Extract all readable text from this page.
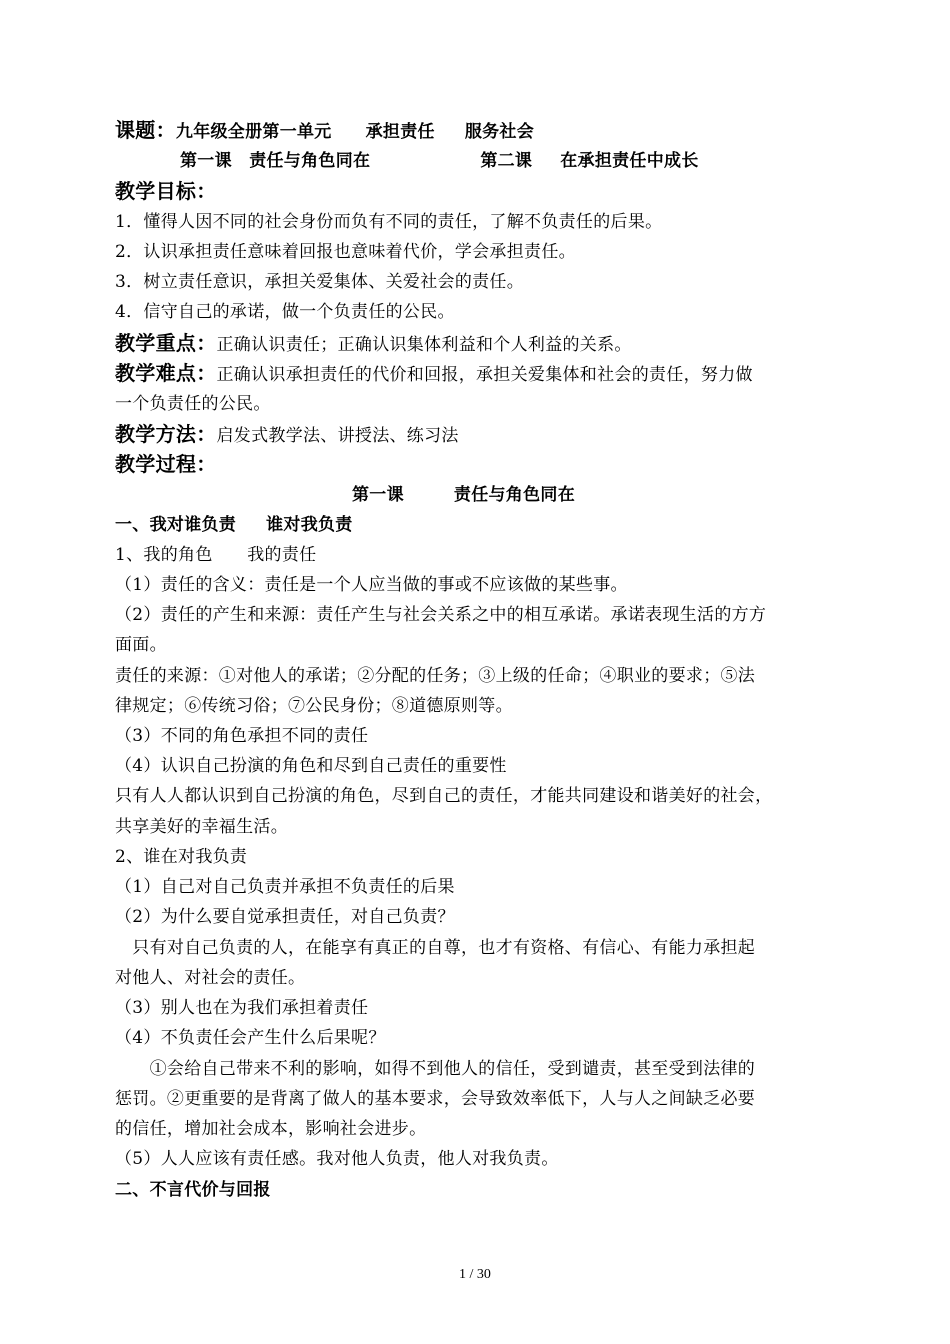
课题：九年级全册第一单元 承担责任 服务社会
第一课　责任与角色同在	第二课 在承担责任中成长
教学目标：
1．懂得人因不同的社会身份而负有不同的责任，了解不负责任的后果。
2．认识承担责任意味着回报也意味着代价，学会承担责任。
3．树立责任意识，承担关爱集体、关爱社会的责任。
4．信守自己的承诺，做一个负责任的公民。
教学重点：正确认识责任；正确认识集体利益和个人利益的关系。
教学难点：正确认识承担责任的代价和回报，承担关爱集体和社会的责任，努力做
一个负责任的公民。
教学方法：启发式教学法、讲授法、练习法
教学过程：
第一课	责任与角色同在
一、我对谁负责 谁对我负责
1、我的角色　　我的责任
（1）责任的含义：责任是一个人应当做的事或不应该做的某些事。
（2）责任的产生和来源：责任产生与社会关系之中的相互承诺。承诺表现生活的方方
面面。
责任的来源：①对他人的承诺；②分配的任务；③上级的任命；④职业的要求；⑤法
律规定；⑥传统习俗；⑦公民身份；⑧道德原则等。
（3）不同的角色承担不同的责任
（4）认识自己扮演的角色和尽到自己责任的重要性
只有人人都认识到自己扮演的角色，尽到自己的责任，才能共同建设和谐美好的社会，
共享美好的幸福生活。
2、谁在对我负责
（1）自己对自己负责并承担不负责任的后果
（2）为什么要自觉承担责任，对自己负责？
　只有对自己负责的人，在能享有真正的自尊，也才有资格、有信心、有能力承担起
对他人、对社会的责任。
（3）别人也在为我们承担着责任
（4）不负责任会产生什么后果呢？
　　①会给自己带来不利的影响，如得不到他人的信任，受到谴责，甚至受到法律的
惩罚。②更重要的是背离了做人的基本要求，会导致效率低下，人与人之间缺乏必要
的信任，增加社会成本，影响社会进步。
（5）人人应该有责任感。我对他人负责，他人对我负责。
二、不言代价与回报
1 / 30
